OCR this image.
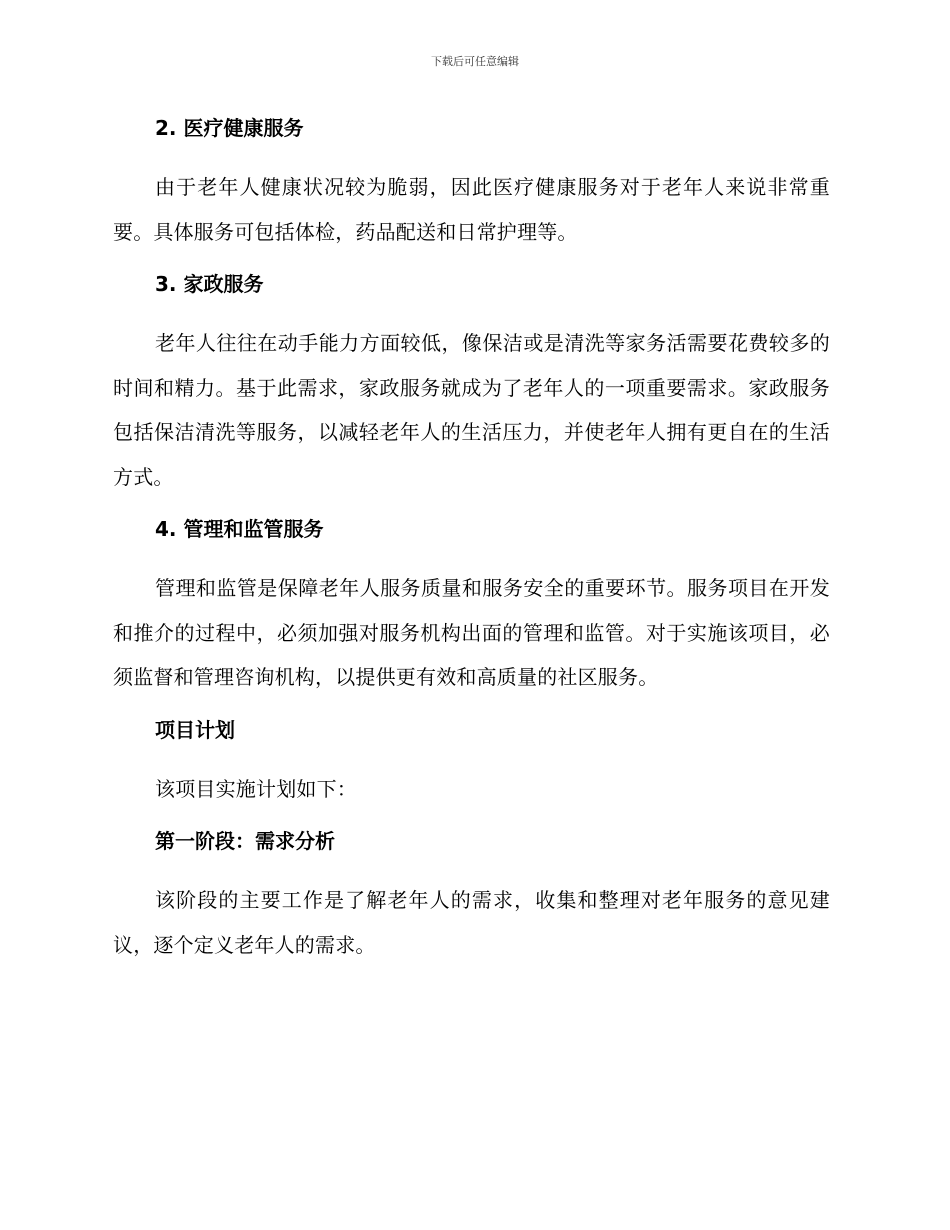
下载后可任意编辑
2. 医疗健康服务

由于老年人健康状况较为脆弱，因此医疗健康服务对于老年人来说非常重要。具体服务可包括体检，药品配送和日常护理等。

3. 家政服务

老年人往往在动手能力方面较低，像保洁或是清洗等家务活需要花费较多的时间和精力。基于此需求，家政服务就成为了老年人的一项重要需求。家政服务包括保洁清洗等服务，以减轻老年人的生活压力，并使老年人拥有更自在的生活方式。

4. 管理和监管服务

管理和监管是保障老年人服务质量和服务安全的重要环节。服务项目在开发和推介的过程中，必须加强对服务机构出面的管理和监管。对于实施该项目，必须监督和管理咨询机构，以提供更有效和高质量的社区服务。

项目计划

该项目实施计划如下：

第一阶段：需求分析

该阶段的主要工作是了解老年人的需求，收集和整理对老年服务的意见建议，逐个定义老年人的需求。
